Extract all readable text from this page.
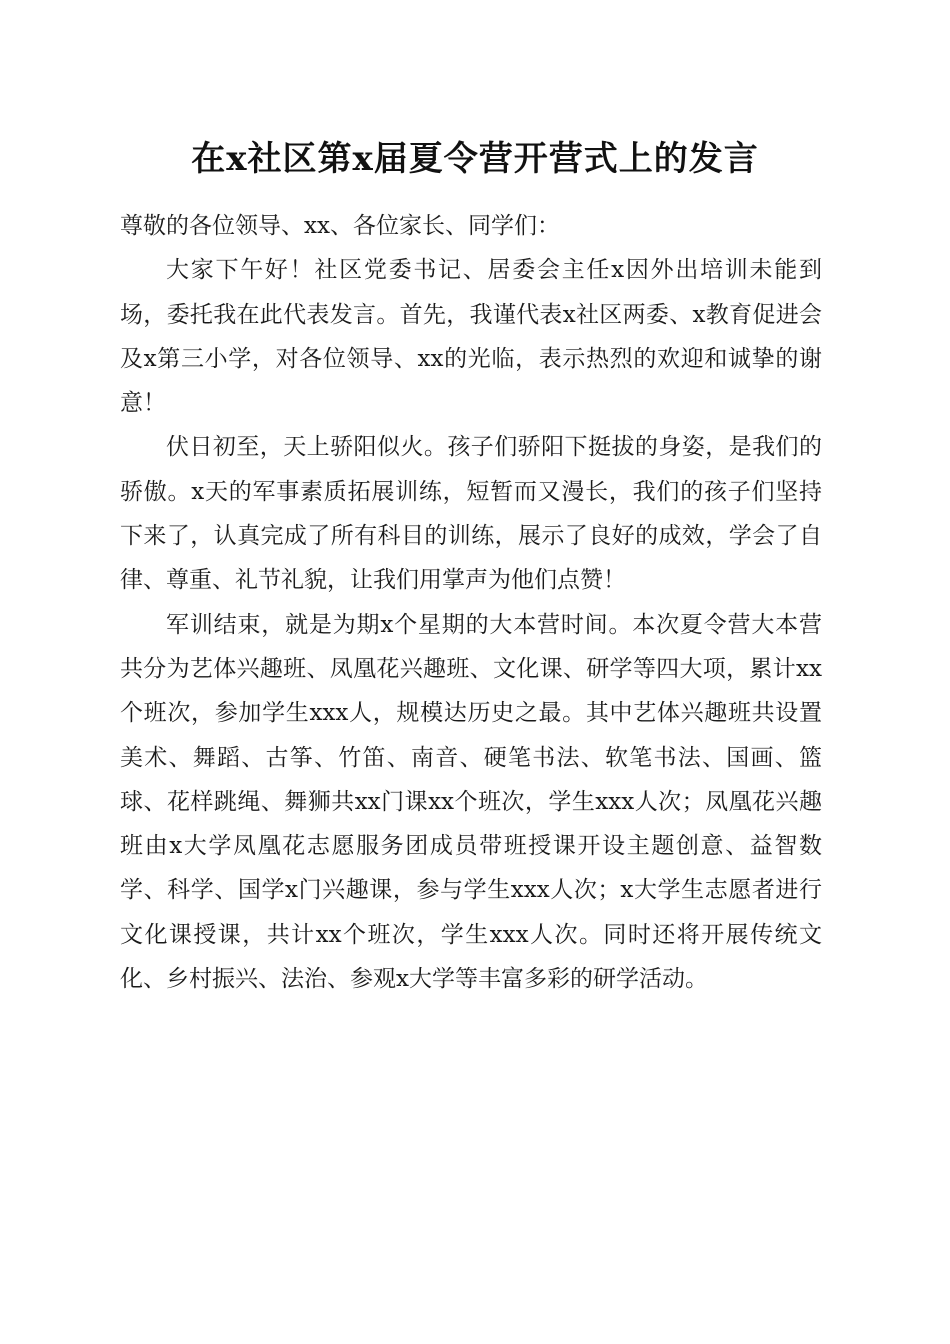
在x社区第x届夏令营开营式上的发言

尊敬的各位领导、xx、各位家长、同学们：

大家下午好！社区党委书记、居委会主任x因外出培训未能到场，委托我在此代表发言。首先，我谨代表x社区两委、x教育促进会及x第三小学，对各位领导、xx的光临，表示热烈的欢迎和诚挚的谢意！

伏日初至，天上骄阳似火。孩子们骄阳下挺拔的身姿，是我们的骄傲。x天的军事素质拓展训练，短暂而又漫长，我们的孩子们坚持下来了，认真完成了所有科目的训练，展示了良好的成效，学会了自律、尊重、礼节礼貌，让我们用掌声为他们点赞！

军训结束，就是为期x个星期的大本营时间。本次夏令营大本营共分为艺体兴趣班、凤凰花兴趣班、文化课、研学等四大项，累计xx个班次，参加学生xxx人，规模达历史之最。其中艺体兴趣班共设置美术、舞蹈、古筝、竹笛、南音、硬笔书法、软笔书法、国画、篮球、花样跳绳、舞狮共xx门课xx个班次，学生xxx人次；凤凰花兴趣班由x大学凤凰花志愿服务团成员带班授课开设主题创意、益智数学、科学、国学x门兴趣课，参与学生xxx人次；x大学生志愿者进行文化课授课，共计xx个班次，学生xxx人次。同时还将开展传统文化、乡村振兴、法治、参观x大学等丰富多彩的研学活动。
